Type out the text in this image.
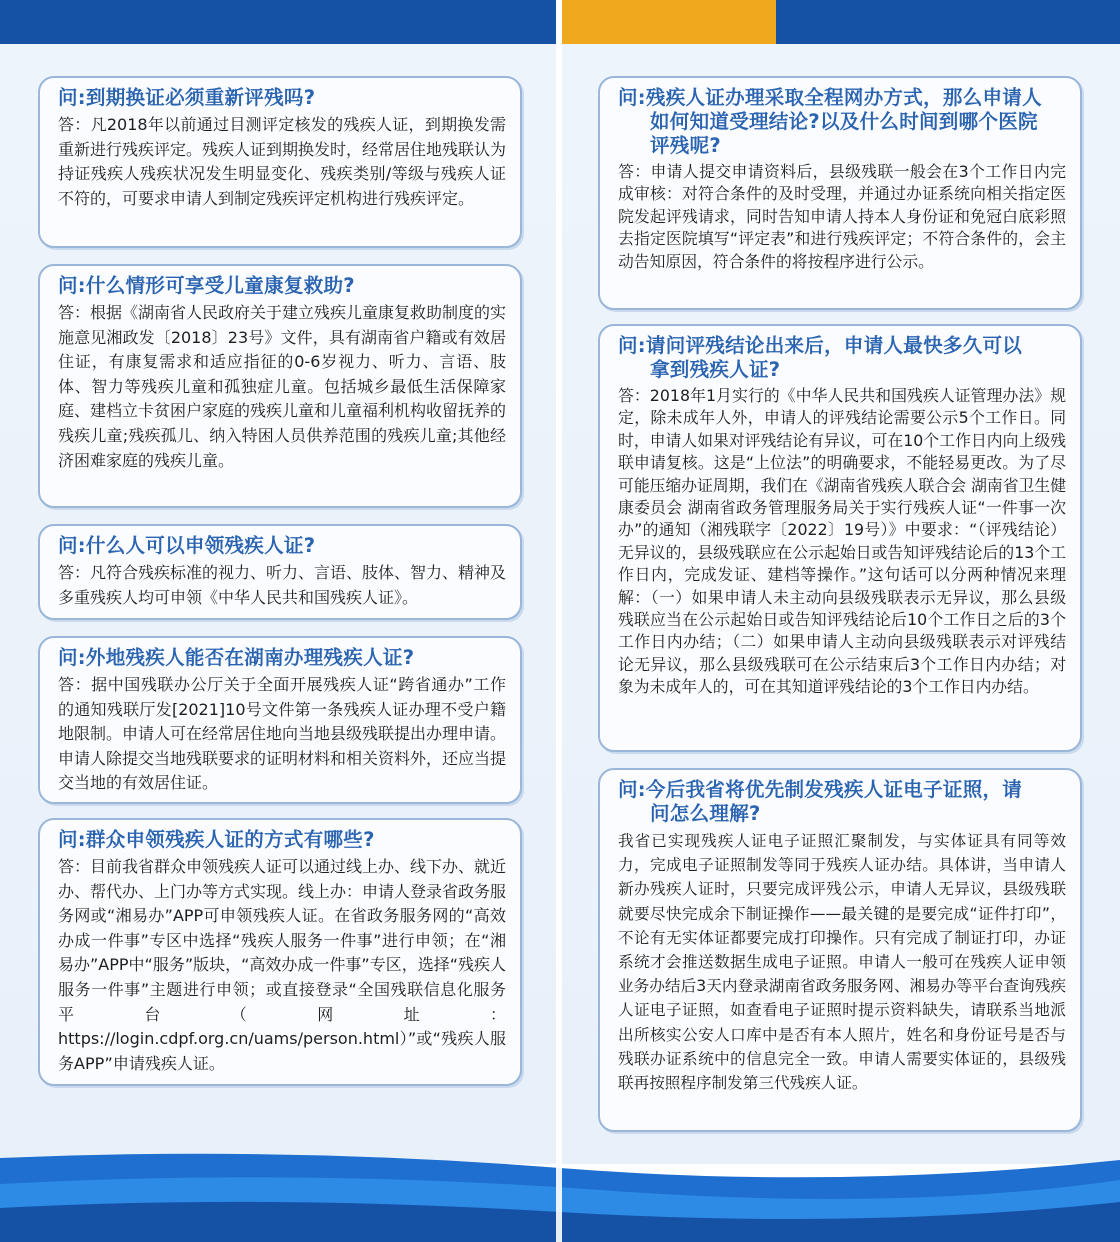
问:到期换证必须重新评残吗?

答：凡2018年以前通过目测评定核发的残疾人证，到期换发需重新进行残疾评定。残疾人证到期换发时，经常居住地残联认为持证残疾人残疾状况发生明显变化、残疾类别/等级与残疾人证不符的，可要求申请人到制定残疾评定机构进行残疾评定。

问:什么情形可享受儿童康复救助?

答：根据《湖南省人民政府关于建立残疾儿童康复救助制度的实施意见湘政发〔2018〕23号》文件，具有湖南省户籍或有效居住证，有康复需求和适应指征的0-6岁视力、听力、言语、肢体、智力等残疾儿童和孤独症儿童。包括城乡最低生活保障家庭、建档立卡贫困户家庭的残疾儿童和儿童福利机构收留抚养的残疾儿童;残疾孤儿、纳入特困人员供养范围的残疾儿童;其他经济困难家庭的残疾儿童。

问:什么人可以申领残疾人证?

答：凡符合残疾标准的视力、听力、言语、肢体、智力、精神及多重残疾人均可申领《中华人民共和国残疾人证》。

问:外地残疾人能否在湖南办理残疾人证?

答：据中国残联办公厅关于全面开展残疾人证“跨省通办”工作的通知残联厅发[2021]10号文件第一条残疾人证办理不受户籍地限制。申请人可在经常居住地向当地县级残联提出办理申请。申请人除提交当地残联要求的证明材料和相关资料外，还应当提交当地的有效居住证。

问:群众申领残疾人证的方式有哪些?

答：目前我省群众申领残疾人证可以通过线上办、线下办、就近办、帮代办、上门办等方式实现。线上办：申请人登录省政务服务网或“湘易办”APP可申领残疾人证。在省政务服务网的“高效办成一件事”专区中选择“残疾人服务一件事”进行申领；在“湘易办”APP中“服务”版块，“高效办成一件事”专区，选择“残疾人服务一件事”主题进行申领；或直接登录“全国残联信息化服务平台（网址：https://login.cdpf.org.cn/uams/person.html）”或“残疾人服务APP”申请残疾人证。

问:残疾人证办理采取全程网办方式，那么申请人
如何知道受理结论?以及什么时间到哪个医院
评残呢?

答：申请人提交申请资料后，县级残联一般会在3个工作日内完成审核：对符合条件的及时受理，并通过办证系统向相关指定医院发起评残请求，同时告知申请人持本人身份证和免冠白底彩照去指定医院填写“评定表”和进行残疾评定；不符合条件的，会主动告知原因，符合条件的将按程序进行公示。

问:请问评残结论出来后，申请人最快多久可以
拿到残疾人证?

答：2018年1月实行的《中华人民共和国残疾人证管理办法》规定，除未成年人外，申请人的评残结论需要公示5个工作日。同时，申请人如果对评残结论有异议，可在10个工作日内向上级残联申请复核。这是“上位法”的明确要求，不能轻易更改。为了尽可能压缩办证周期，我们在《湖南省残疾人联合会 湖南省卫生健康委员会 湖南省政务管理服务局关于实行残疾人证“一件事一次办”的通知（湘残联字〔2022〕19号）》中要求：“（评残结论）无异议的，县级残联应在公示起始日或告知评残结论后的13个工作日内，完成发证、建档等操作。”这句话可以分两种情况来理解：（一）如果申请人未主动向县级残联表示无异议，那么县级残联应当在公示起始日或告知评残结论后10个工作日之后的3个工作日内办结；（二）如果申请人主动向县级残联表示对评残结论无异议，那么县级残联可在公示结束后3个工作日内办结；对象为未成年人的，可在其知道评残结论的3个工作日内办结。

问:今后我省将优先制发残疾人证电子证照，请
问怎么理解?

我省已实现残疾人证电子证照汇聚制发，与实体证具有同等效力，完成电子证照制发等同于残疾人证办结。具体讲，当申请人新办残疾人证时，只要完成评残公示，申请人无异议，县级残联就要尽快完成余下制证操作——最关键的是要完成“证件打印”，不论有无实体证都要完成打印操作。只有完成了制证打印，办证系统才会推送数据生成电子证照。申请人一般可在残疾人证申领业务办结后3天内登录湖南省政务服务网、湘易办等平台查询残疾人证电子证照，如查看电子证照时提示资料缺失，请联系当地派出所核实公安人口库中是否有本人照片，姓名和身份证号是否与残联办证系统中的信息完全一致。申请人需要实体证的，县级残联再按照程序制发第三代残疾人证。
